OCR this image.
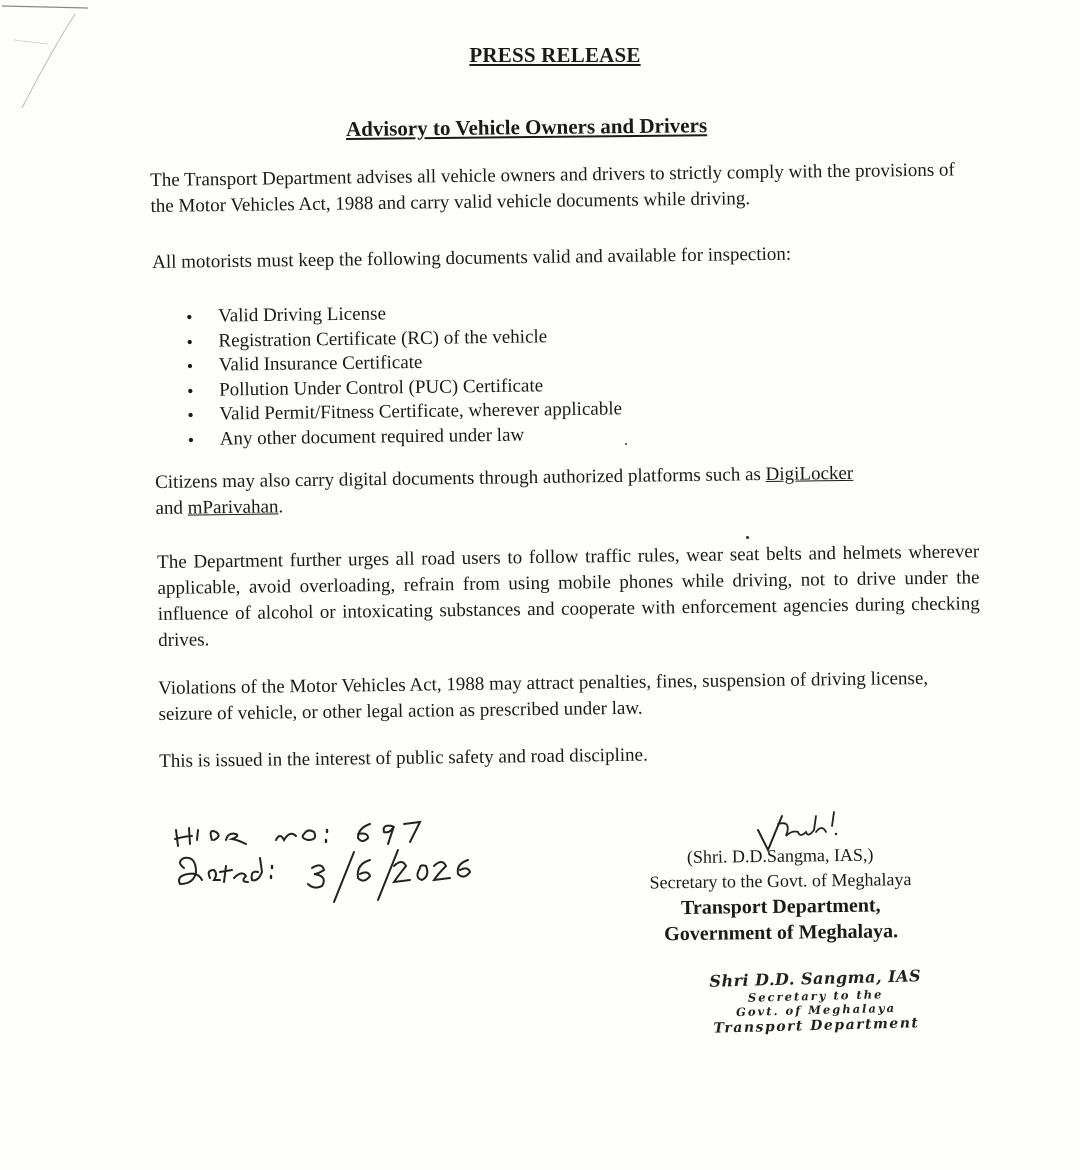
PRESS RELEASE
Advisory to Vehicle Owners and Drivers
The Transport Department advises all vehicle owners and drivers to strictly comply with the provisions of the Motor Vehicles Act, 1988 and carry valid vehicle documents while driving.
All motorists must keep the following documents valid and available for inspection:
• Valid Driving License
• Registration Certificate (RC) of the vehicle
• Valid Insurance Certificate
• Pollution Under Control (PUC) Certificate
• Valid Permit/Fitness Certificate, wherever applicable
• Any other document required under law
Citizens may also carry digital documents through authorized platforms such as DigiLocker
and mParivahan.
The Department further urges all road users to follow traffic rules, wear seat belts and helmets wherever applicable, avoid overloading, refrain from using mobile phones while driving, not to drive under the influence of alcohol or intoxicating substances and cooperate with enforcement agencies during checking drives.
Violations of the Motor Vehicles Act, 1988 may attract penalties, fines, suspension of driving license, seizure of vehicle, or other legal action as prescribed under law.
This is issued in the interest of public safety and road discipline.
(Shri. D.D.Sangma, IAS,)
Secretary to the Govt. of Meghalaya
Transport Department,
Government of Meghalaya.
Shri D.D. Sangma, IAS
Secretary to the
Govt. of Meghalaya
Transport Department
